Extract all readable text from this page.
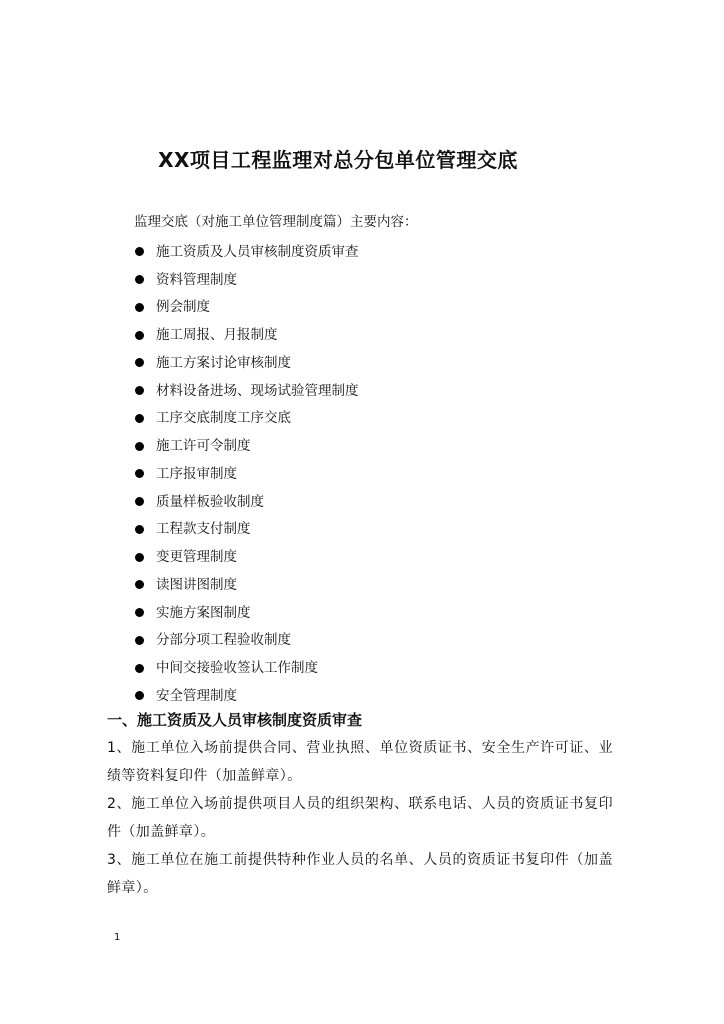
XX项目工程监理对总分包单位管理交底
监理交底（对施工单位管理制度篇）主要内容：
施工资质及人员审核制度资质审查
资料管理制度
例会制度
施工周报、月报制度
施工方案讨论审核制度
材料设备进场、现场试验管理制度
工序交底制度工序交底
施工许可令制度
工序报审制度
质量样板验收制度
工程款支付制度
变更管理制度
读图讲图制度
实施方案图制度
分部分项工程验收制度
中间交接验收签认工作制度
安全管理制度
一、施工资质及人员审核制度资质审查
1、施工单位入场前提供合同、营业执照、单位资质证书、安全生产许可证、业绩等资料复印件（加盖鲜章）。
2、施工单位入场前提供项目人员的组织架构、联系电话、人员的资质证书复印件（加盖鲜章）。
3、施工单位在施工前提供特种作业人员的名单、人员的资质证书复印件（加盖鲜章）。
1
